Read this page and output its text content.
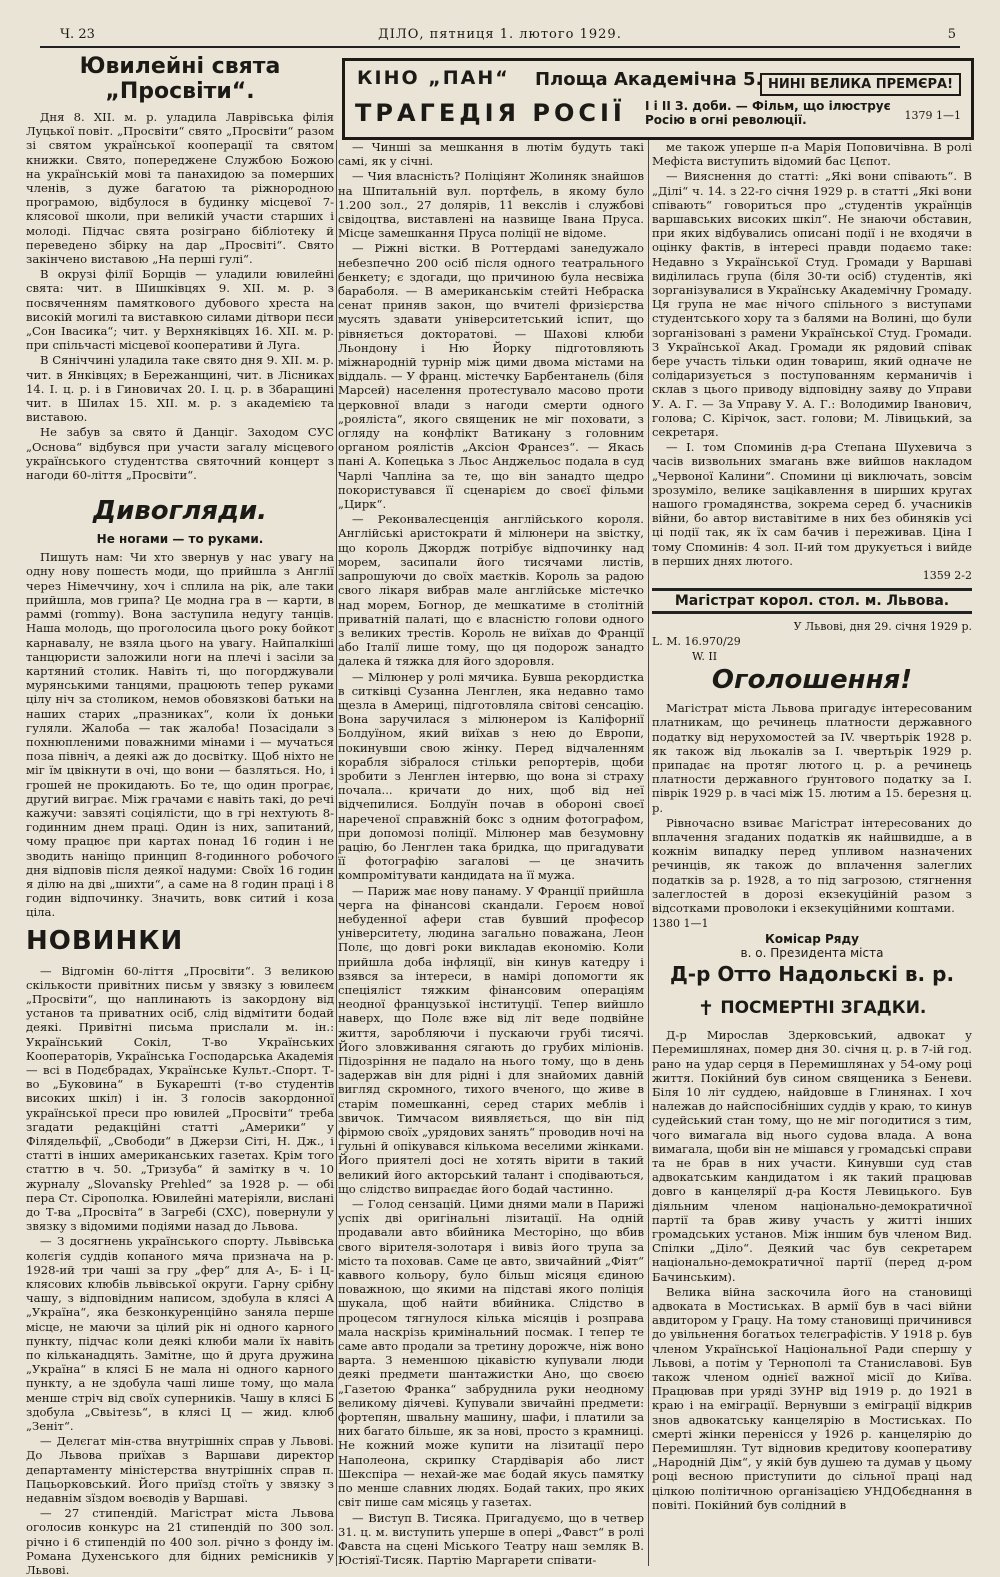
Ч. 23	ДІЛО, пятниця 1. лютого 1929.	5
КІНО „ПАН“ Площа Академічна 5. НИНІ ВЕЛИКА ПРЕМЄРА!
ТРАГЕДІЯ РОСІЇ І і ІІ З. доби. — Фільм, що ілюструє Росію в огні революції.	1379 1—1
Ювилейні свята „Просвіти“.

Дня 8. XII. м. р. уладила Лаврівська філія Луцької повіт. „Просвіти“ свято „Просвіти“ разом зі святом української кооперації та святом книжки. Свято, попереджене Службою Божою на українській мові та панахидою за померших членів, з дуже багатою та ріжнородною програмою, відбулося в будинку місцевої 7-клясової школи, при великій участи старших і молоді. Підчас свята розіграно бібліотеку й переведено збірку на дар „Просвіті“. Свято закінчено виставою „На перші гулі“.

В окрузі філії Борщів — уладили ювилейні свята: чит. в Шишківцях 9. XII. м. р. з посвяченням памяткового дубового хреста на високій могилі та виставкою силами дітвори пєси „Сон Івасика“; чит. у Верхняківцях 16. XII. м. р. при спільчасті місцевої кооперативи й Луга.

В Сяніччині уладила таке свято дня 9. XII. м. р. чит. в Янківцях; в Бережанщині, чит. в Лісниках 14. І. ц. р. і в Гиновичах 20. І. ц. р. в Збаращині чит. в Шилах 15. XII. м. р. з академією та виставою.

Не забув за свято й Данціг. Заходом СУС „Основа“ відбувся при участи загалу місцевого українського студентства святочний концерт з нагоди 60-ліття „Просвіти“.

Дивогляди.
Не ногами — то руками.

Пишуть нам: Чи хто звернув у нас увагу на одну нову пошесть моди, що прийшла з Англії через Німеччину, хоч і сплила на рік, але таки прийшла, мов грипа? Це модна гра в — карти, в раммі (rommy). Вона заступила недугу танців. Наша молодь, що проголосила цього року бойкот карнавалу, не взяла цього на увагу. Найпалкіші танцюристи заложили ноги на плечі і засіли за картяний столик. Навіть ті, що погорджували мурянськими танцями, працюють тепер руками цілу ніч за столиком, немов обовязкові батьки на наших старих „празниках“, коли їх доньки гуляли. Жалоба — так жалоба! Позасідали з похнюпленими поважними мінами і — мучаться поза північ, а деякі аж до досвітку. Щоб ніхто не міг їм цвікнути в очі, що вони — базляться. Но, і грошей не прокидають. Бо те, що один програє, другий виграє. Між грачами є навіть такі, до речі кажучи: завзяті соціялісти, що в грі нехтують 8-годинним днем праці. Один із них, запитаний, чому працює при картах понад 16 годин і не зводить наніщо принцип 8-годинного робочого дня відповів після деякої надуми: Своїх 16 годин я ділю на дві „шихти“, а саме на 8 годин праці і 8 годин відпочинку. Значить, вовк ситий і коза ціла.

НОВИНКИ

— Відгомін 60-ліття „Просвіти“. З великою скількости привітних письм у звязку з ювилеєм „Просвіти“, що наплинають із закордону від установ та приватних осіб, слід відмітити бодай деякі. Привітні письма прислали м. ін.: Український Сокіл, Т-во Українських Кооператорів, Українська Господарська Академія — всі в Подєбрадах, Українське Культ.-Спорт. Т-во „Буковина“ в Букарешті (т-во студентів високих шкіл) і ін. З голосів закордонної української преси про ювилей „Просвіти“ треба згадати редакційні статті „Америки“ у Філядельфії, „Свободи“ в Джерзи Сіті, Н. Дж., і статті в інших американських газетах. Крім того статтю в ч. 50. „Тризуба“ й замітку в ч. 10 журналу „Slovansky Prehled“ за 1928 р. — обі пера Ст. Сірополка. Ювилейні матеріяли, вислані до Т-ва „Просвіта“ в Загребі (СХС), повернули у звязку з відомими подіями назад до Львова.

— З досягнень українського спорту. Львівська колєгія суддів копаного мяча признача на р. 1928-ий три чаші за гру „фер“ для А-, Б- і Ц-клясових клюбів львівської округи. Гарну срібну чашу, з відповідним написом, здобула в клясі А „Україна“, яка безконкуренційно заняла перше місце, не маючи за цілий рік ні одного карного пункту, підчас коли деякі клюби мали їх навіть по кільканадцять. Замітне, що й друга дружина „Україна“ в клясі Б не мала ні одного карного пункту, а не здобула чаші лише тому, що мала менше стріч від своїх суперників. Чашу в клясі Б здобула „Свьітезь“, в клясі Ц — жид. клюб „Зеніт“.

— Делєгат мін-ства внутрішніх справ у Львові. До Львова приїхав з Варшави директор департаменту міністерства внутрішніх справ п. Пацьорковський. Його приїзд стоїть у звязку з недавнім зїздом воєводів у Варшаві.

— 27 стипендій. Магістрат міста Львова оголосив конкурс на 21 стипендій по 300 зол. річно і 6 стипендій по 400 зол. річно з фонду ім. Романа Духенського для бідних ремісників у Львові.

— Чинші за мешкання в лютім будуть такі самі, як у січні.

— Чия власність? Поліціянт Жолиняк знайшов на Шпитальній вул. портфель, в якому було 1.200 зол., 27 долярів, 11 векслів і службові свідоцтва, виставлені на назвище Івана Пруса. Місце замешкання Пруса поліції не відоме.

— Ріжні вістки. В Роттердамі занедужало небезпечно 200 осіб після одного театрального бенкету; є здогади, що причиною була несвіжа бараболя. — В американськім стейті Небраска сенат приняв закон, що вчителі фризієрства мусять здавати університетський іспит, що рівняється докторатові. — Шахові клюби Льондону і Ню Йорку підготовляють міжнародній турнір між цими двома містами на віддаль. — У франц. містечку Барбентанель (біля Марсей) населення протестувало масово проти церковної влади з нагоди смерти одного „рояліста“, якого священик не міг поховати, з огляду на конфлікт Ватикану з головним органом роялістів „Аксіон Франсез“. — Якась пані А. Копецька з Льос Анджельос подала в суд Чарлі Чапліна за те, що він занадто щедро покористувався її сценарієм до своєї фільми „Цирк“.

— Реконвалесценція англійського короля. Англійські аристократи й мілюнери на звістку, що король Джордж потрібує відпочинку над морем, засипали його тисячами листів, запрошуючи до своїх маєтків. Король за радою свого лікаря вибрав мале англійське містечко над морем, Богнор, де мешкатиме в столітній приватній палаті, що є власністю голови одного з великих трестів. Король не виїхав до Франції або Італії лише тому, що ця подорож занадто далека й тяжка для його здоровля.

— Мілюнер у ролі мячика. Бувша рекордистка в ситківці Сузанна Ленглен, яка недавно тамо щезла в Америці, підготовляла світові сенсацію. Вона заручилася з мілюнером із Каліфорнії Болдуїном, який виїхав з нею до Европи, покинувши свою жінку. Перед відчаленням корабля зібралося стільки репортерів, щоби зробити з Ленглен інтервю, що вона зі страху почала... кричати до них, щоб від неї відчепилися. Болдуїн почав в обороні своєї нареченої справжній бокс з одним фотографом, при допомозі поліції. Мілюнер мав безумовну рацію, бо Ленглен така бридка, що пригадувати її фотографію загалові — це значить компромітувати кандидата на її мужа.

— Париж має нову панаму. У Франції прийшла черга на фінансові скандали. Героєм нової небуденної афери став бувший професор університету, людина загально поважана, Леон Полє, що довгі роки викладав економію. Коли прийшла доба інфляції, він кинув катедру і взявся за інтереси, в намірі допомогти як спеціяліст тяжким фінансовим операціям неодної французької інституції. Тепер вийшло наверх, що Полє вже від літ веде подвійне життя, заробляючи і пускаючи грубі тисячі. Його зловживання сягають до грубих міліонів. Підозріння не падало на нього тому, що в день задержав він для рідні і для знайомих давній вигляд скромного, тихого вченого, що живе в старім помешканні, серед старих меблів і звичок. Тимчасом виявляється, що він під фірмою своїх „урядових занять“ проводив ночі на гульні й опікувався кількома веселими жінками. Його приятелі досі не хотять вірити в такий великий його акторський талант і сподіваються, що слідство випраєдає його бодай частинно.

— Голод сензацій. Цими днями мали в Парижі успіх дві оригінальні лізитації. На одній продавали авто вбийника Месторіно, що вбив свого вірителя-золотаря і вивіз його трупа за місто та поховав. Саме це авто, звичайний „Фіят“ каввого кольору, було більш місяця єдиною поважною, що якими на підставі якого поліція шукала, щоб найти вбийника. Слідство в процесом тягнулося кілька місяців і розправа мала наскрізь кримінальний посмак. І тепер те саме авто продали за третину дорожче, ніж воно варта. З неменшою цікавістю купували люди деякі предмети шантажистки Ано, що своєю „Газетою Франка“ забруднила руки неодному великому діячеві. Купували звичайні предмети: фортепян, швальну машину, шафи, і платили за них багато більше, як за нові, просто з крамниці. Не кожний може купити на лізитації перо Наполеона, скрипку Стардіварія або лист Шекспіра — нехай-же має бодай якусь памятку по менше славних людях. Бодай таких, про яких світ пише сам місяць у газетах.

— Виступ В. Тисяка. Пригадуємо, що в четвер 31. ц. м. виступить уперше в опері „Фавст“ в ролі Фавста на сцені Міського Театру наш земляк В. Юстіяї-Тисяк. Партію Маргарети співати-

ме також уперше п-а Марія Поповичівна. В ролі Мефіста виступить відомий бас Цєпот.

— Вияснення до статті: „Які вони співають“. В „Ділі“ ч. 14. з 22-го січня 1929 р. в статті „Які вони співають“ говориться про „студентів українців варшавських високих шкіл“. Не знаючи обставин, при яких відбувались описані події і не входячи в оцінку фактів, в інтересі правди подаємо таке: Недавно з Української Студ. Громади у Варшаві виділилась група (біля 30-ти осіб) студентів, які зорганізувалися в Українську Академічну Громаду. Ця група не має нічого спільного з виступами студентського хору та з балями на Волині, що були зорганізовані з рамени Української Студ. Громади. З Української Акад. Громади як рядовий співак бере участь тільки один товариш, який одначе не солідаризується з поступованням керманичів і склав з цього приводу відповідну заяву до Управи У. А. Г. — За Управу У. А. Г.: Володимир Іванович, голова; С. Кірічок, заст. голови; М. Лівицький, за секретаря.

— І. том Споминів д-ра Степана Шухевича з часів визвольних змагань вже вийшов накладом „Червоної Калини“. Спомини ці виключать, зовсім зрозуміло, велике заціkавлення в ширших кругах нашого громадянства, зокрема серед б. учасників війни, бо автор виставітиме в них без обиняків усі ці події так, як їх сам бачив і переживав. Ціна І тому Споминів: 4 зол. ІІ-ий том друкується і вийде в перших днях лютого.

1359 2-2
Магістрат корол. стол. м. Львова.
У Львові, дня 29. січня 1929 р.
L. M. 16.970/29
W. II
Оголошення!

Магістрат міста Львова пригадує інтересованим платникам, що речинець платности державного податку від нерухомостей за IV. чвертьрік 1928 р. як також від льокалів за І. чвертьрік 1929 р. припадає на протяг лютого ц. р. а речинець платности державного ґрунтового податку за І. піврік 1929 р. в часі між 15. лютим а 15. березня ц. р.

Рівночасно взиває Магістрат інтересованих до вплачення згаданих податків як найшвидше, а в кожнім випадку перед упливом назначених речинців, як також до вплачення залеглих податків за р. 1928, а то під загрозою, стягнення залеглостей в дорозі екзекуційній разом з відсотками проволоки і екзекуційними коштами.

1380 1—1
Комісар Ряду
в. о. Президента міста
Д-р Отто Надольскі в. р.
✝ ПОСМЕРТНІ ЗГАДКИ.

Д-р Мирослав Здерковський, адвокат у Перемишлянах, помер дня 30. січня ц. р. в 7-ій год. рано на удар серця в Перемишлянах у 54-ому році життя. Покійний був сином священика з Беневи. Біля 10 літ суддею, найдовше в Глинянах. І хоч належав до найспосібніших суддів у краю, то кинув судейський стан тому, що не міг погодитися з тим, чого вимагала від нього судова влада. А вона вимагала, щоби він не мішався у громадські справи та не брав в них участи. Кинувши суд став адвокатським кандидатом і як такий працював довго в канцелярії д-ра Костя Левицького. Був діяльним членом національно-демократичної партії та брав живу участь у житті інших громадських установ. Між іншим був членом Вид. Спілки „Діло“. Деякий час був секретарем національно-демократичної партії (перед д-ром Бачинським).

Велика війна заскочила його на становищі адвоката в Мостиськах. В армії був в часі війни авдитором у Грацу. На тому становищі причинився до увільнення богатьох телєграфістів. У 1918 р. був членом Української Національної Ради спершу у Львові, а потім у Тернополі та Станиславові. Був також членом однієї важної місії до Київа. Працював при уряді ЗУНР від 1919 р. до 1921 в краю і на еміграції. Вернувши з еміграції відкрив знов адвокатську канцелярію в Мостиськах. По смерті жінки перенісся у 1926 р. канцелярію до Перемишлян. Тут відновив кредитову кооперативу „Народній Дім“, у якій був душею та думав у цьому році весною приступити до сільної праці над цілкою політичною організацією УНДОбєднання в повіті. Покійний був солідний в
